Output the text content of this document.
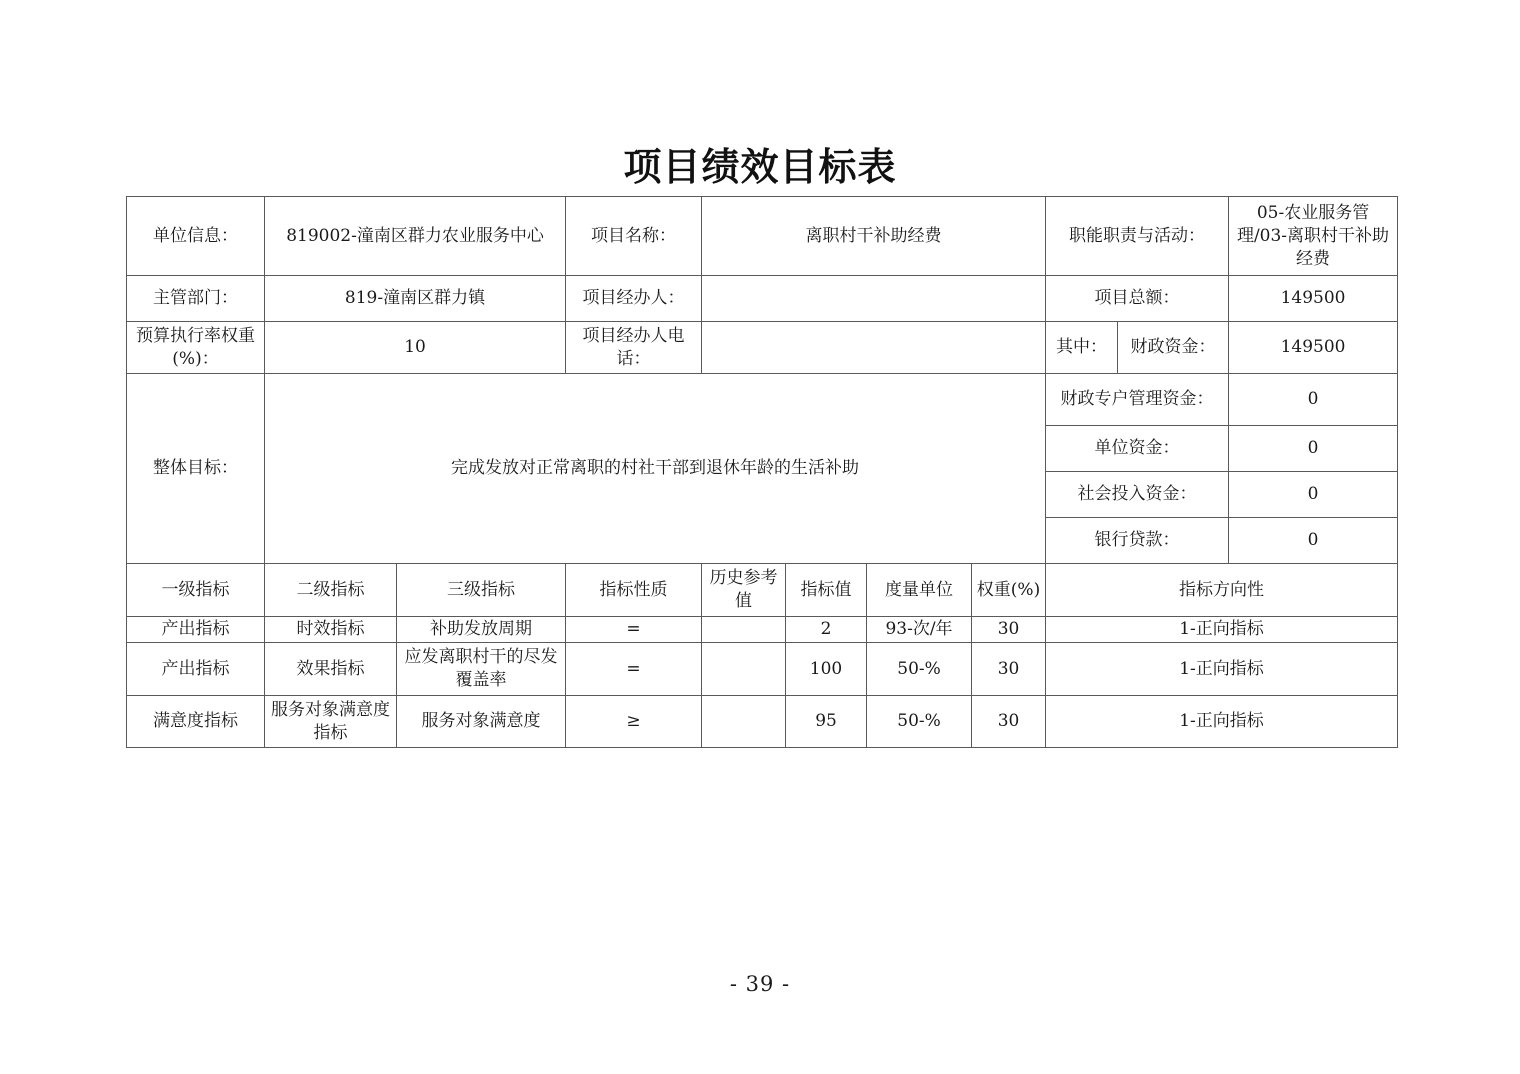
项目绩效目标表
单位信息：	819002-潼南区群力农业服务中心		项目名称：	离职村干补助经费				职能职责与活动：		05-农业服务管理/03-离职村干补助经费
主管部门：	819-潼南区群力镇		项目经办人：					项目总额：		149500
预算执行率权重(%)：	10		项目经办人电话：					其中：	财政资金：	149500
整体目标：	完成发放对正常离职的村社干部到退休年龄的生活补助							财政专户管理资金：		0
								单位资金：		0
								社会投入资金：		0
								银行贷款：		0
一级指标	二级指标	三级指标	指标性质	历史参考值	指标值	度量单位	权重(%)	指标方向性		
产出指标	时效指标	补助发放周期	=		2	93-次/年	30	1-正向指标		
产出指标	效果指标	应发离职村干的尽发覆盖率	=		100	50-%	30	1-正向指标		
满意度指标	服务对象满意度指标	服务对象满意度	≥		95	50-%	30	1-正向指标		
- 39 -
